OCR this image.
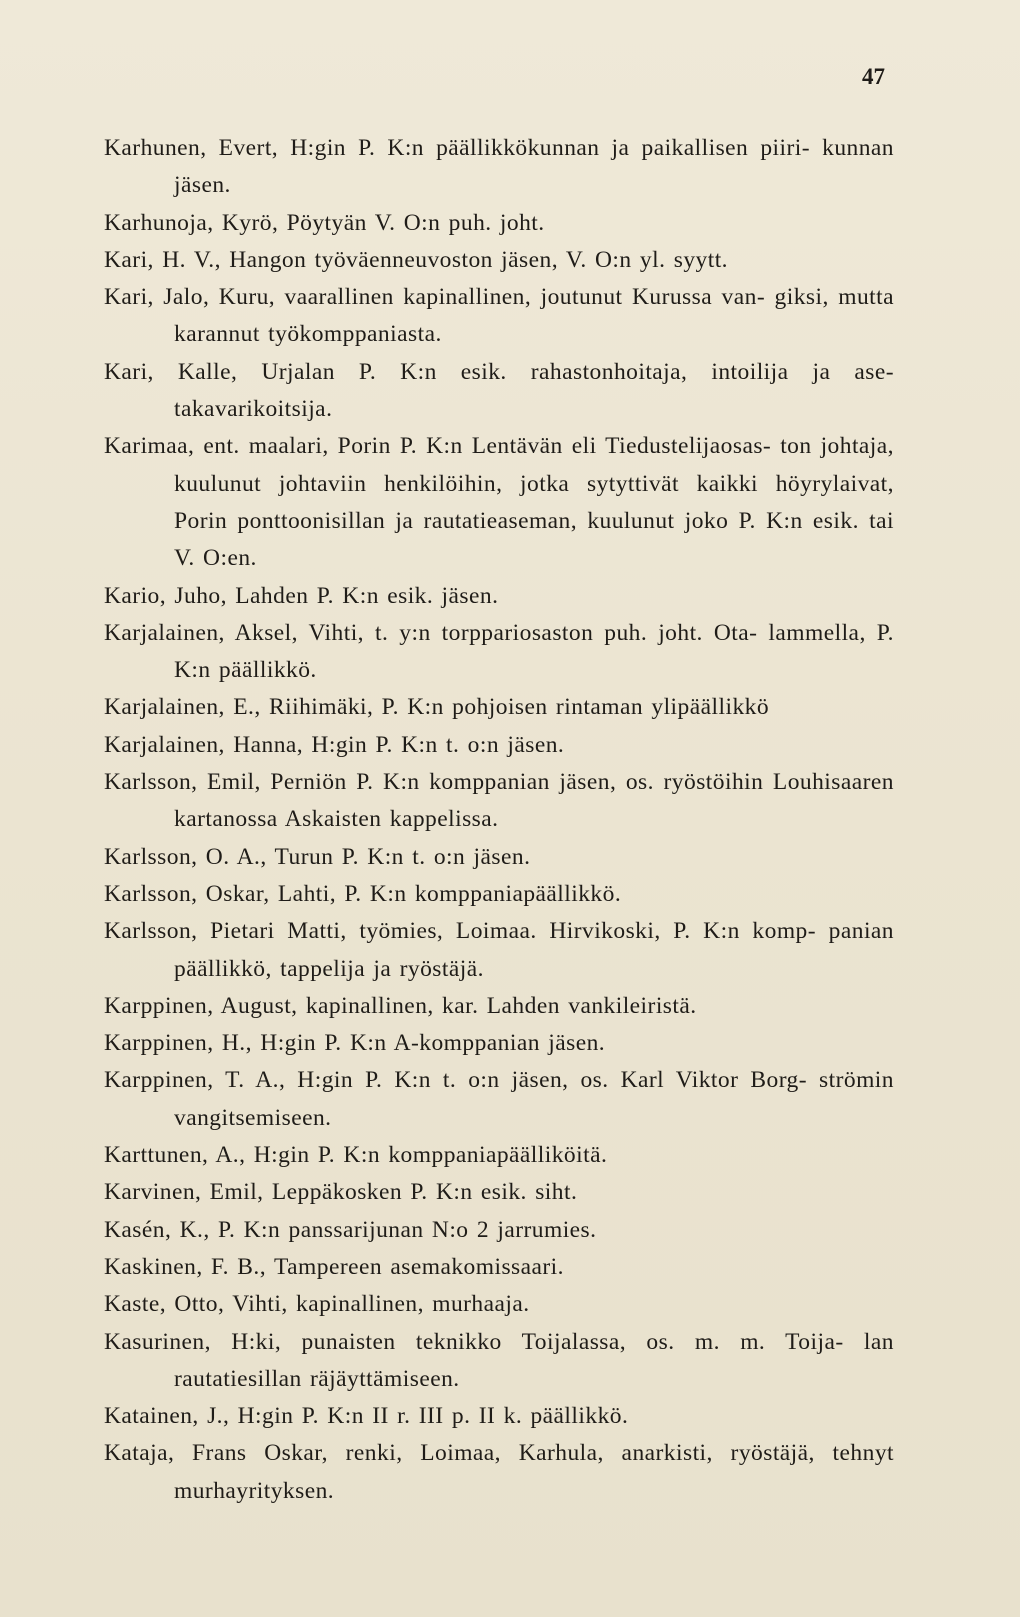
47

Karhunen, Evert, H:gin P. K:n päällikkökunnan ja paikallisen piiri- kunnan jäsen.

Karhunoja, Kyrö, Pöytyän V. O:n puh. joht.

Kari, H. V., Hangon työväenneuvoston jäsen, V. O:n yl. syytt.

Kari, Jalo, Kuru, vaarallinen kapinallinen, joutunut Kurussa van- giksi, mutta karannut työkomppaniasta.

Kari, Kalle, Urjalan P. K:n esik. rahastonhoitaja, intoilija ja ase- takavarikoitsija.

Karimaa, ent. maalari, Porin P. K:n Lentävän eli Tiedustelijaosas- ton johtaja, kuulunut johtaviin henkilöihin, jotka sytyttivät kaikki höyrylaivat, Porin ponttoonisillan ja rautatieaseman, kuulunut joko P. K:n esik. tai V. O:en.

Kario, Juho, Lahden P. K:n esik. jäsen.

Karjalainen, Aksel, Vihti, t. y:n torppariosaston puh. joht. Ota- lammella, P. K:n päällikkö.

Karjalainen, E., Riihimäki, P. K:n pohjoisen rintaman ylipäällikkö

Karjalainen, Hanna, H:gin P. K:n t. o:n jäsen.

Karlsson, Emil, Perniön P. K:n komppanian jäsen, os. ryöstöihin Louhisaaren kartanossa Askaisten kappelissa.

Karlsson, O. A., Turun P. K:n t. o:n jäsen.

Karlsson, Oskar, Lahti, P. K:n komppaniapäällikkö.

Karlsson, Pietari Matti, työmies, Loimaa. Hirvikoski, P. K:n komp- panian päällikkö, tappelija ja ryöstäjä.

Karppinen, August, kapinallinen, kar. Lahden vankileiristä.

Karppinen, H., H:gin P. K:n A-komppanian jäsen.

Karppinen, T. A., H:gin P. K:n t. o:n jäsen, os. Karl Viktor Borg- strömin vangitsemiseen.

Karttunen, A., H:gin P. K:n komppaniapäälliköitä.

Karvinen, Emil, Leppäkosken P. K:n esik. siht.

Kasén, K., P. K:n panssarijunan N:o 2 jarrumies.

Kaskinen, F. B., Tampereen asemakomissaari.

Kaste, Otto, Vihti, kapinallinen, murhaaja.

Kasurinen, H:ki, punaisten teknikko Toijalassa, os. m. m. Toija- lan rautatiesillan räjäyttämiseen.

Katainen, J., H:gin P. K:n II r. III p. II k. päällikkö.

Kataja, Frans Oskar, renki, Loimaa, Karhula, anarkisti, ryöstäjä, tehnyt murhayrityksen.
